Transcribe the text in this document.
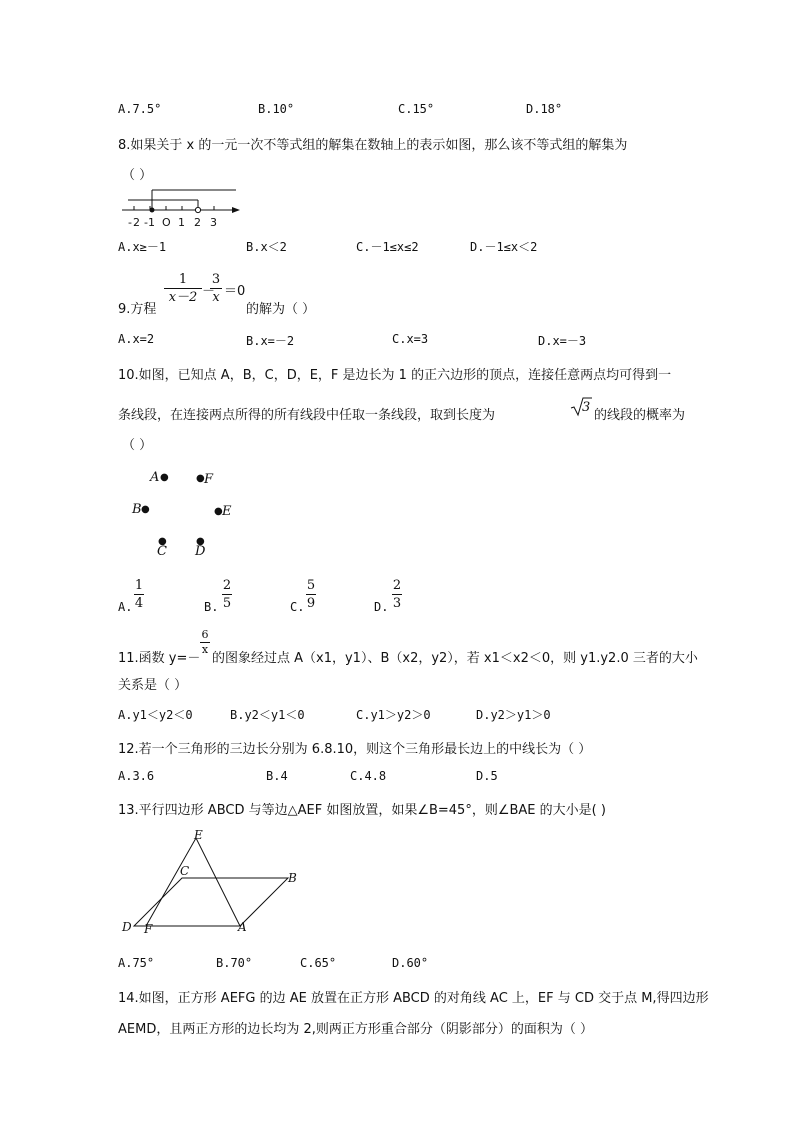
A.7.5°	B.10°	C.15°	D.18°
8.如果关于 x 的一元一次不等式组的解集在数轴上的表示如图，那么该不等式组的解集为
（ ）
-2 -1 O 1 2 3
A.x≥－1	B.x＜2	C.－1≤x≤2	D.－1≤x＜2
1
x－2 －
3
x ＝0
9.方程	的解为（ ）
A.x=2	B.x=－2	C.x=3	D.x=－3
10.如图，已知点 A，B，C，D，E，F 是边长为 1 的正六边形的顶点，连接任意两点均可得到一
条线段，在连接两点所得的所有线段中任取一条线段，取到长度为
3
的线段的概率为
（ ）
A ●	● F
B ●	● E
●
C
●
D
A.
1
4	B.
2
5	C.
5
9	D.
2
3
6
x
11.函数 y=－ 的图象经过点 A（x1，y1）、B（x2，y2），若 x1＜x2＜0，则 y1.y2.0 三者的大小
关系是（ ）
A.y1＜y2＜0	B.y2＜y1＜0	C.y1＞y2＞0	D.y2＞y1＞0
12.若一个三角形的三边长分别为 6.8.10，则这个三角形最长边上的中线长为（ ）
A.3.6	B.4	C.4.8	D.5
13.平行四边形 ABCD 与等边△AEF 如图放置，如果∠B=45°，则∠BAE 的大小是( )
E
C	B
D F	A
A.75°	B.70°	C.65°	D.60°
14.如图，正方形 AEFG 的边 AE 放置在正方形 ABCD 的对角线 AC 上，EF 与 CD 交于点 M,得四边形
AEMD，且两正方形的边长均为 2,则两正方形重合部分（阴影部分）的面积为（ ）
